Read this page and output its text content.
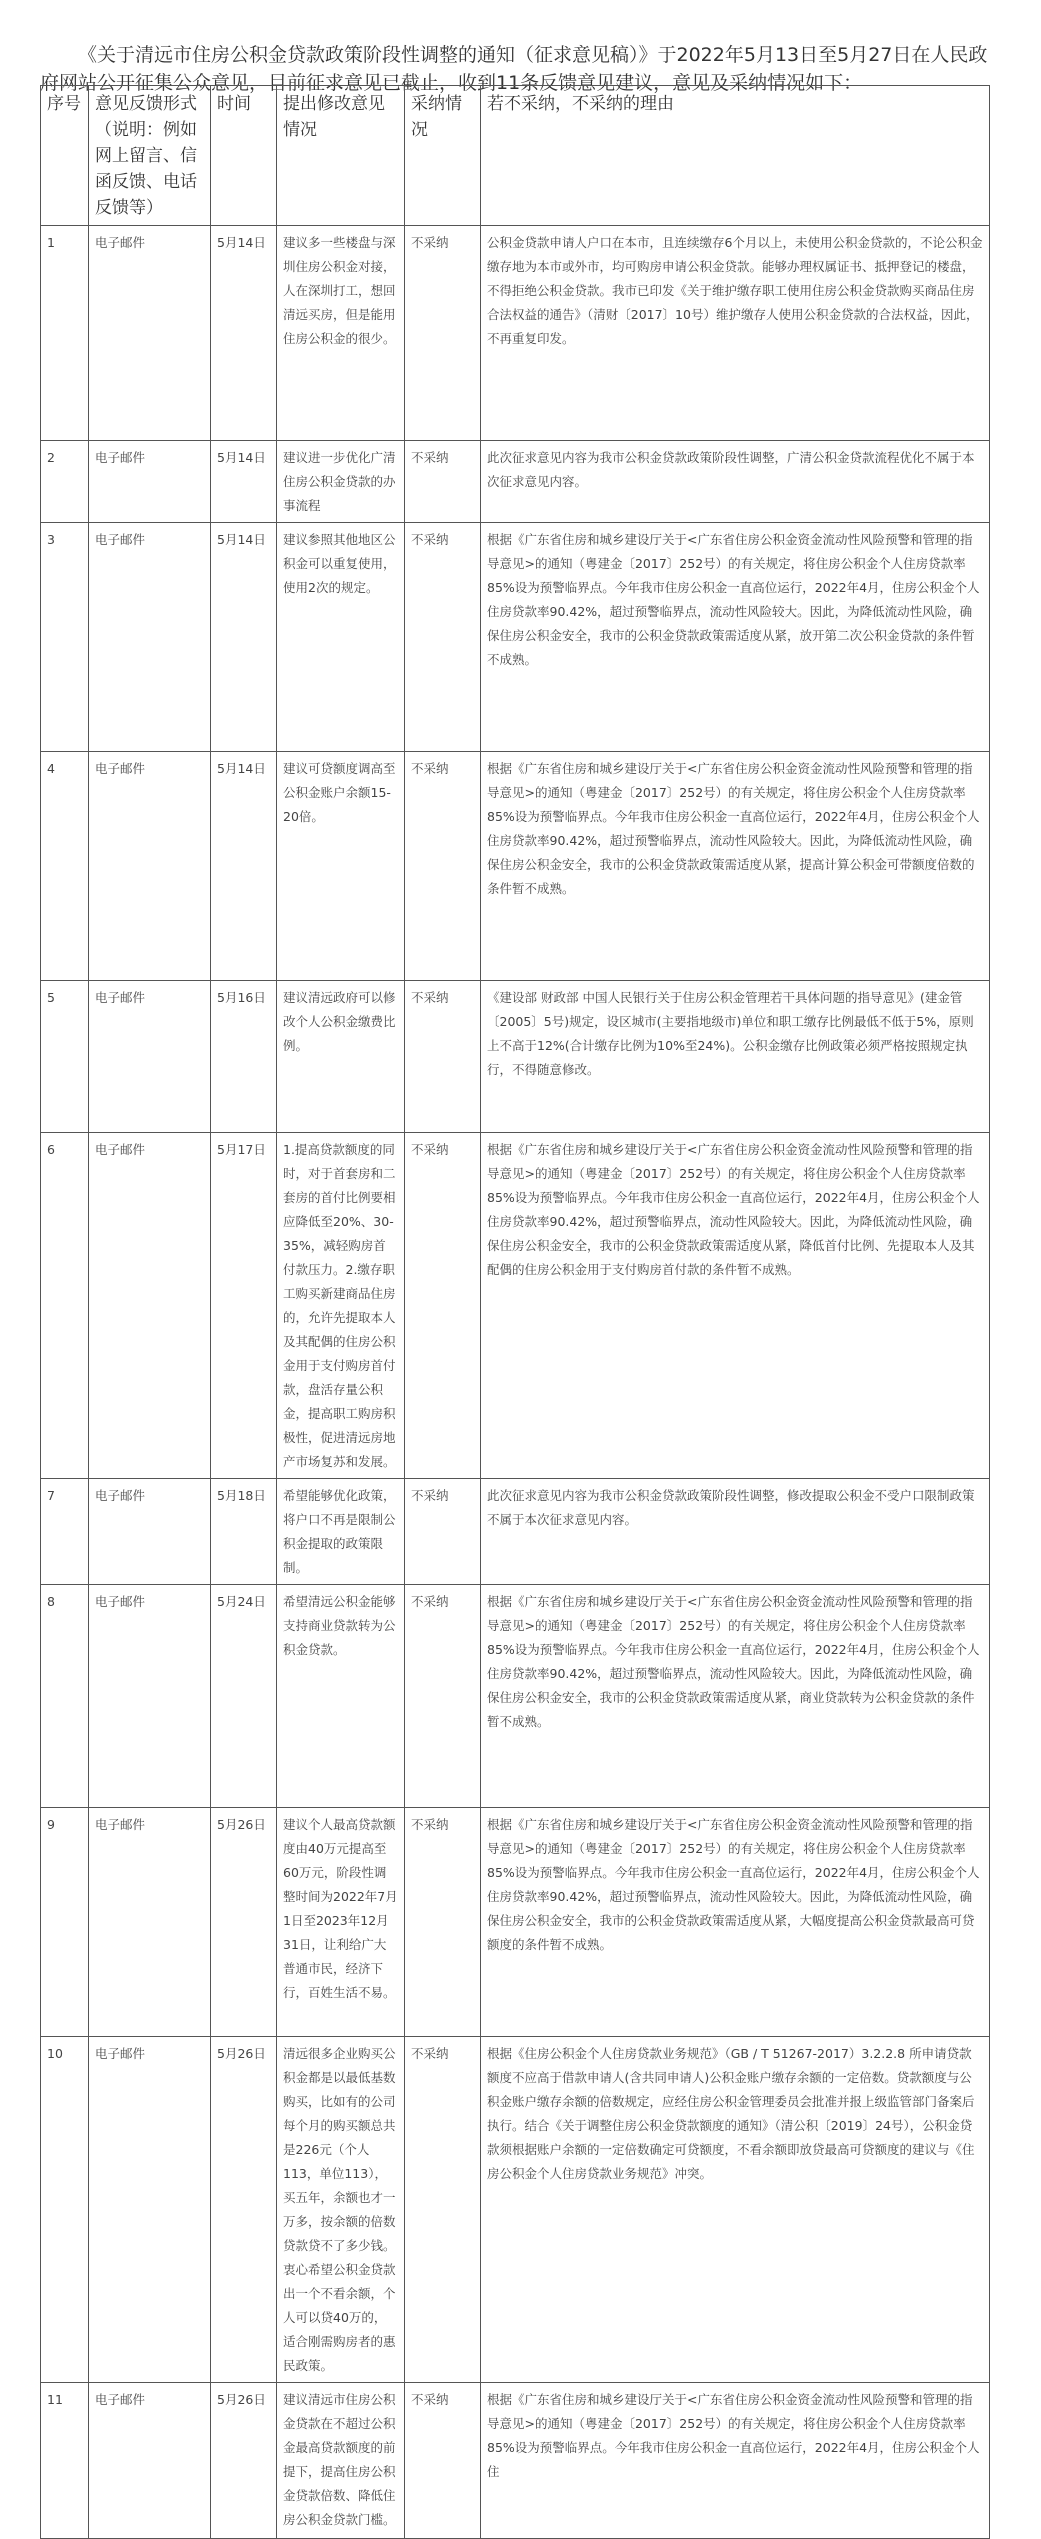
《关于清远市住房公积金贷款政策阶段性调整的通知（征求意见稿）》于2022年5月13日至5月27日在人民政府网站公开征集公众意见，目前征求意见已截止，收到11条反馈意见建议，意见及采纳情况如下：

序号	意见反馈形式（说明：例如网上留言、信函反馈、电话反馈等）	时间	提出修改意见情况	采纳情况	若不采纳，不采纳的理由
1	电子邮件	5月14日	建议多一些楼盘与深圳住房公积金对接，人在深圳打工，想回清远买房，但是能用住房公积金的很少。	不采纳	公积金贷款申请人户口在本市，且连续缴存6个月以上，未使用公积金贷款的，不论公积金缴存地为本市或外市，均可购房申请公积金贷款。能够办理权属证书、抵押登记的楼盘，不得拒绝公积金贷款。我市已印发《关于维护缴存职工使用住房公积金贷款购买商品住房合法权益的通告》（清财〔2017〕10号）维护缴存人使用公积金贷款的合法权益，因此，不再重复印发。
2	电子邮件	5月14日	建议进一步优化广清住房公积金贷款的办事流程	不采纳	此次征求意见内容为我市公积金贷款政策阶段性调整，广清公积金贷款流程优化不属于本次征求意见内容。
3	电子邮件	5月14日	建议参照其他地区公积金可以重复使用，使用2次的规定。	不采纳	根据《广东省住房和城乡建设厅关于<广东省住房公积金资金流动性风险预警和管理的指导意见>的通知（粤建金〔2017〕252号）的有关规定，将住房公积金个人住房贷款率85%设为预警临界点。今年我市住房公积金一直高位运行，2022年4月，住房公积金个人住房贷款率90.42%，超过预警临界点，流动性风险较大。因此，为降低流动性风险，确保住房公积金安全，我市的公积金贷款政策需适度从紧，放开第二次公积金贷款的条件暂不成熟。
4	电子邮件	5月14日	建议可贷额度调高至公积金账户余额15-20倍。	不采纳	根据《广东省住房和城乡建设厅关于<广东省住房公积金资金流动性风险预警和管理的指导意见>的通知（粤建金〔2017〕252号）的有关规定，将住房公积金个人住房贷款率85%设为预警临界点。今年我市住房公积金一直高位运行，2022年4月，住房公积金个人住房贷款率90.42%，超过预警临界点，流动性风险较大。因此，为降低流动性风险，确保住房公积金安全，我市的公积金贷款政策需适度从紧，提高计算公积金可带额度倍数的条件暂不成熟。
5	电子邮件	5月16日	建议清远政府可以修改个人公积金缴费比例。	不采纳	《建设部 财政部 中国人民银行关于住房公积金管理若干具体问题的指导意见》(建金管〔2005〕5号)规定，设区城市(主要指地级市)单位和职工缴存比例最低不低于5%，原则上不高于12%(合计缴存比例为10%至24%)。公积金缴存比例政策必须严格按照规定执行，不得随意修改。
6	电子邮件	5月17日	1.提高贷款额度的同时，对于首套房和二套房的首付比例要相应降低至20%、30-35%，减轻购房首付款压力。2.缴存职工购买新建商品住房的，允许先提取本人及其配偶的住房公积金用于支付购房首付款，盘活存量公积金，提高职工购房积极性，促进清远房地产市场复苏和发展。	不采纳	根据《广东省住房和城乡建设厅关于<广东省住房公积金资金流动性风险预警和管理的指导意见>的通知（粤建金〔2017〕252号）的有关规定，将住房公积金个人住房贷款率85%设为预警临界点。今年我市住房公积金一直高位运行，2022年4月，住房公积金个人住房贷款率90.42%，超过预警临界点，流动性风险较大。因此，为降低流动性风险，确保住房公积金安全，我市的公积金贷款政策需适度从紧，降低首付比例、先提取本人及其配偶的住房公积金用于支付购房首付款的条件暂不成熟。
7	电子邮件	5月18日	希望能够优化政策，将户口不再是限制公积金提取的政策限制。	不采纳	此次征求意见内容为我市公积金贷款政策阶段性调整，修改提取公积金不受户口限制政策不属于本次征求意见内容。
8	电子邮件	5月24日	希望清远公积金能够支持商业贷款转为公积金贷款。	不采纳	根据《广东省住房和城乡建设厅关于<广东省住房公积金资金流动性风险预警和管理的指导意见>的通知（粤建金〔2017〕252号）的有关规定，将住房公积金个人住房贷款率85%设为预警临界点。今年我市住房公积金一直高位运行，2022年4月，住房公积金个人住房贷款率90.42%，超过预警临界点，流动性风险较大。因此，为降低流动性风险，确保住房公积金安全，我市的公积金贷款政策需适度从紧，商业贷款转为公积金贷款的条件暂不成熟。
9	电子邮件	5月26日	建议个人最高贷款额度由40万元提高至60万元，阶段性调整时间为2022年7月1日至2023年12月31日，让利给广大普通市民，经济下行，百姓生活不易。	不采纳	根据《广东省住房和城乡建设厅关于<广东省住房公积金资金流动性风险预警和管理的指导意见>的通知（粤建金〔2017〕252号）的有关规定，将住房公积金个人住房贷款率85%设为预警临界点。今年我市住房公积金一直高位运行，2022年4月，住房公积金个人住房贷款率90.42%，超过预警临界点，流动性风险较大。因此，为降低流动性风险，确保住房公积金安全，我市的公积金贷款政策需适度从紧，大幅度提高公积金贷款最高可贷额度的条件暂不成熟。
10	电子邮件	5月26日	清远很多企业购买公积金都是以最低基数购买，比如有的公司每个月的购买额总共是226元（个人113，单位113），买五年，余额也才一万多，按余额的倍数贷款贷不了多少钱。衷心希望公积金贷款出一个不看余额，个人可以贷40万的，适合刚需购房者的惠民政策。	不采纳	根据《住房公积金个人住房贷款业务规范》（GB / T 51267-2017）3.2.2.8 所申请贷款额度不应高于借款申请人(含共同申请人)公积金账户缴存余额的一定倍数。贷款额度与公积金账户缴存余额的倍数规定，应经住房公积金管理委员会批准并报上级监管部门备案后执行。结合《关于调整住房公积金贷款额度的通知》（清公积〔2019〕24号），公积金贷款须根据账户余额的一定倍数确定可贷额度，不看余额即放贷最高可贷额度的建议与《住房公积金个人住房贷款业务规范》冲突。
11	电子邮件	5月26日	建议清远市住房公积金贷款在不超过公积金最高贷款额度的前提下，提高住房公积金贷款倍数、降低住房公积金贷款门槛。	不采纳	根据《广东省住房和城乡建设厅关于<广东省住房公积金资金流动性风险预警和管理的指导意见>的通知（粤建金〔2017〕252号）的有关规定，将住房公积金个人住房贷款率85%设为预警临界点。今年我市住房公积金一直高位运行，2022年4月，住房公积金个人住
